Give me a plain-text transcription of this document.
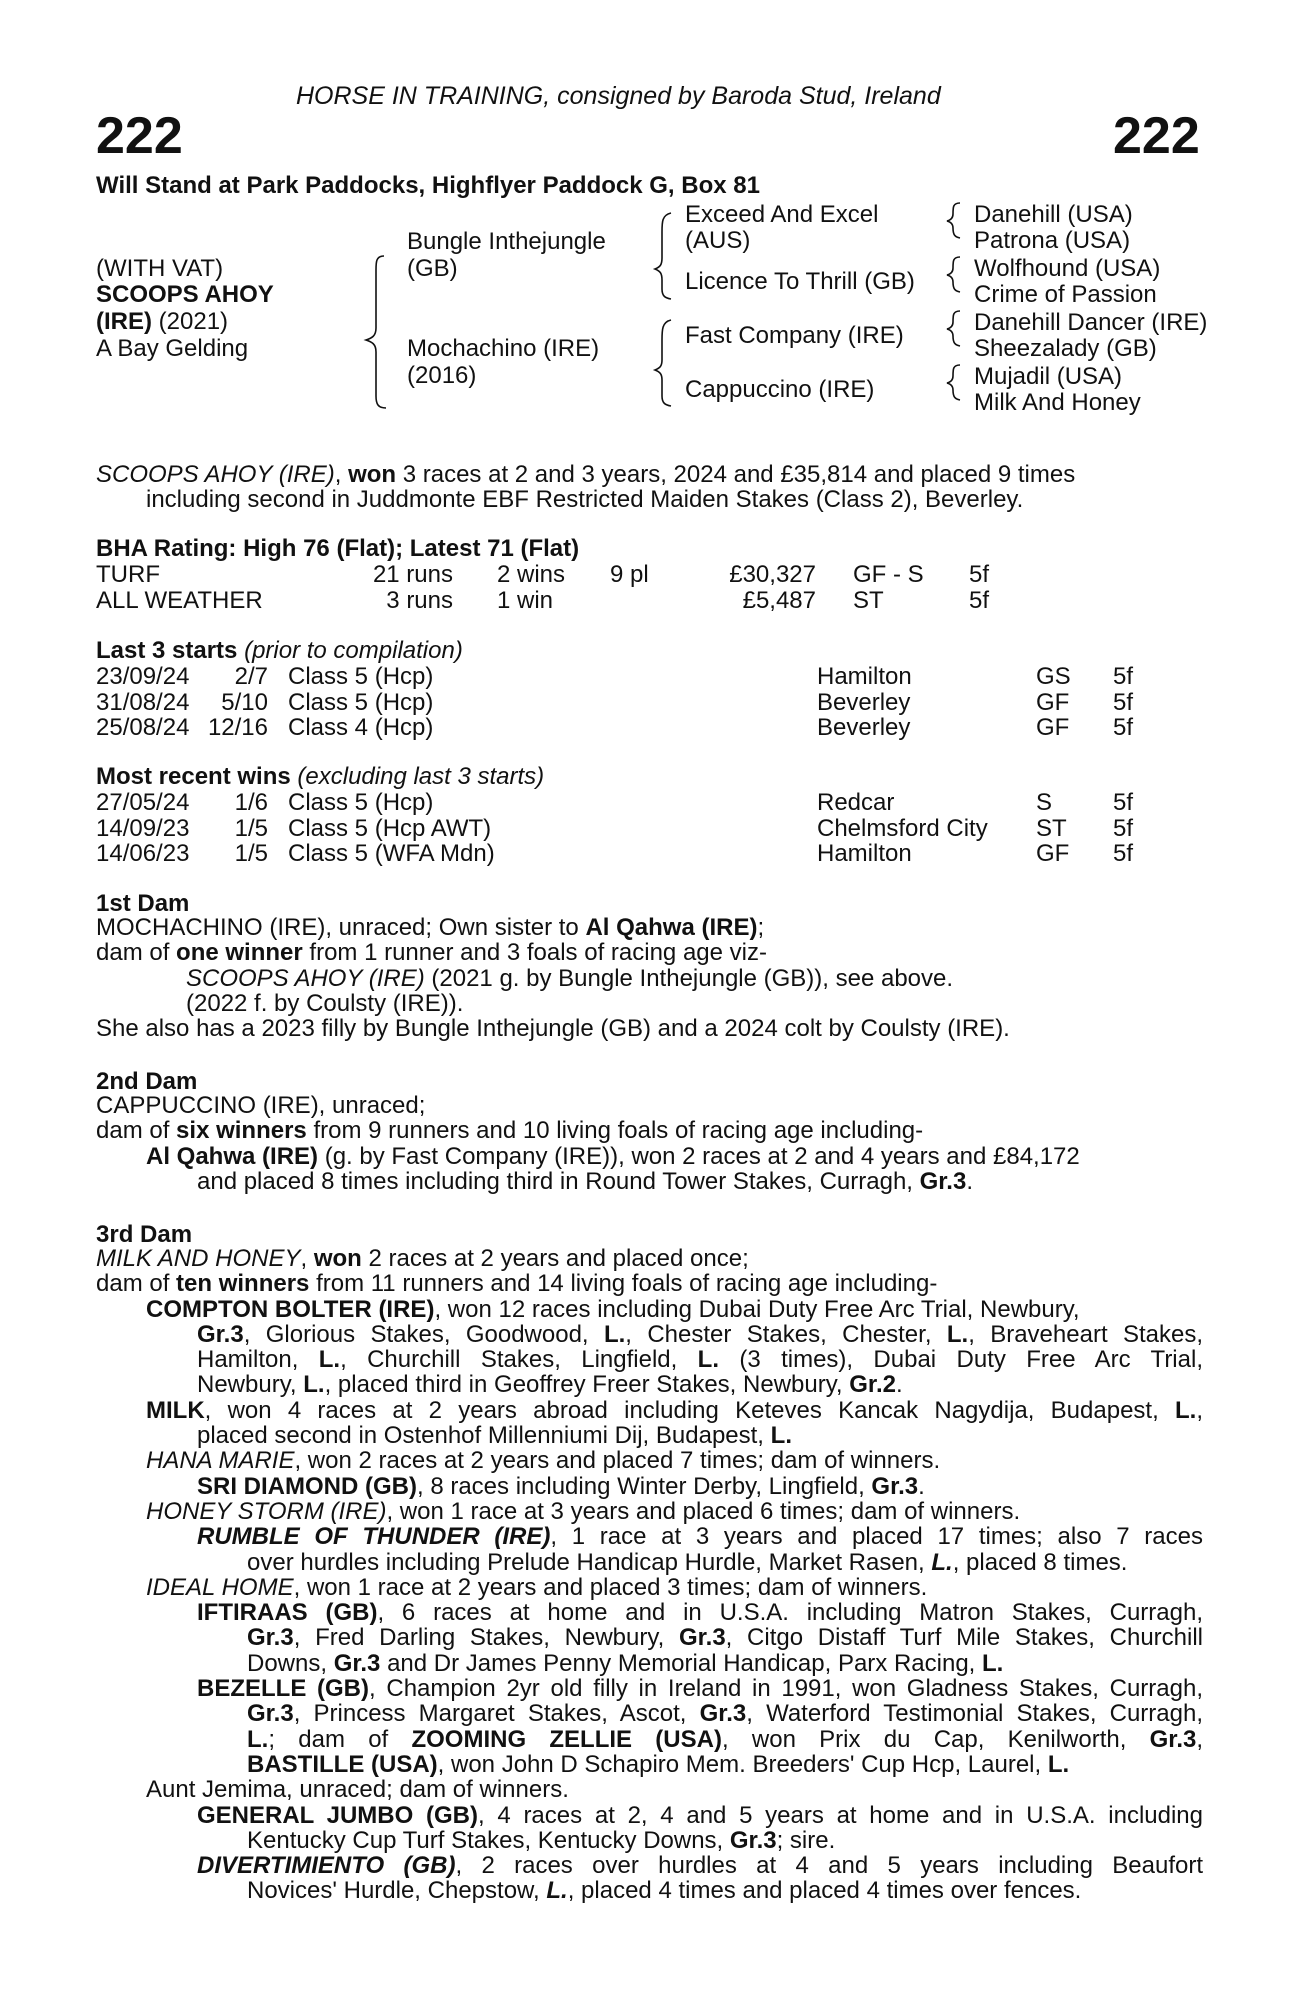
HORSE IN TRAINING, consigned by Baroda Stud, Ireland
222	222
Will Stand at Park Paddocks, Highflyer Paddock G, Box 81
(WITH VAT)
SCOOPS AHOY
(IRE) (2021)
A Bay Gelding
Bungle Inthejungle
(GB)
Mochachino (IRE)
(2016)
Exceed And Excel
(AUS)
Licence To Thrill (GB)
Fast Company (IRE)
Cappuccino (IRE)
Danehill (USA)
Patrona (USA)
Wolfhound (USA)
Crime of Passion
Danehill Dancer (IRE)
Sheezalady (GB)
Mujadil (USA)
Milk And Honey
SCOOPS AHOY (IRE), won 3 races at 2 and 3 years, 2024 and £35,814 and placed 9 times
including second in Juddmonte EBF Restricted Maiden Stakes (Class 2), Beverley.
BHA Rating: High 76 (Flat); Latest 71 (Flat)
TURF	21 runs 2 wins 9 pl	£30,327 GF - S 5f
ALL WEATHER	3 runs 1 win	£5,487 ST	5f
Last 3 starts (prior to compilation)
23/09/24 2/7 Class 5 (Hcp)	Hamilton	GS 5f
31/08/24 5/10 Class 5 (Hcp)	Beverley	GF 5f
25/08/24 12/16 Class 4 (Hcp)	Beverley	GF 5f
Most recent wins (excluding last 3 starts)
27/05/24 1/6 Class 5 (Hcp)	Redcar	S	5f
14/09/23 1/5 Class 5 (Hcp AWT)	Chelmsford City ST 5f
14/06/23 1/5 Class 5 (WFA Mdn)	Hamilton	GF 5f
1st Dam
MOCHACHINO (IRE), unraced; Own sister to Al Qahwa (IRE);
dam of one winner from 1 runner and 3 foals of racing age viz-
SCOOPS AHOY (IRE) (2021 g. by Bungle Inthejungle (GB)), see above.
(2022 f. by Coulsty (IRE)).
She also has a 2023 filly by Bungle Inthejungle (GB) and a 2024 colt by Coulsty (IRE).
2nd Dam
CAPPUCCINO (IRE), unraced;
dam of six winners from 9 runners and 10 living foals of racing age including-
Al Qahwa (IRE) (g. by Fast Company (IRE)), won 2 races at 2 and 4 years and £84,172
and placed 8 times including third in Round Tower Stakes, Curragh, Gr.3.
3rd Dam
MILK AND HONEY, won 2 races at 2 years and placed once;
dam of ten winners from 11 runners and 14 living foals of racing age including-
COMPTON BOLTER (IRE), won 12 races including Dubai Duty Free Arc Trial, Newbury,
Gr.3, Glorious Stakes, Goodwood, L., Chester Stakes, Chester, L., Braveheart Stakes,
Hamilton, L., Churchill Stakes, Lingfield, L. (3 times), Dubai Duty Free Arc Trial,
Newbury, L., placed third in Geoffrey Freer Stakes, Newbury, Gr.2.
MILK, won 4 races at 2 years abroad including Keteves Kancak Nagydija, Budapest, L.,
placed second in Ostenhof Millenniumi Dij, Budapest, L.
HANA MARIE, won 2 races at 2 years and placed 7 times; dam of winners.
SRI DIAMOND (GB), 8 races including Winter Derby, Lingfield, Gr.3.
HONEY STORM (IRE), won 1 race at 3 years and placed 6 times; dam of winners.
RUMBLE OF THUNDER (IRE), 1 race at 3 years and placed 17 times; also 7 races
over hurdles including Prelude Handicap Hurdle, Market Rasen, L., placed 8 times.
IDEAL HOME, won 1 race at 2 years and placed 3 times; dam of winners.
IFTIRAAS (GB), 6 races at home and in U.S.A. including Matron Stakes, Curragh,
Gr.3, Fred Darling Stakes, Newbury, Gr.3, Citgo Distaff Turf Mile Stakes, Churchill
Downs, Gr.3 and Dr James Penny Memorial Handicap, Parx Racing, L.
BEZELLE (GB), Champion 2yr old filly in Ireland in 1991, won Gladness Stakes, Curragh,
Gr.3, Princess Margaret Stakes, Ascot, Gr.3, Waterford Testimonial Stakes, Curragh,
L.; dam of ZOOMING ZELLIE (USA), won Prix du Cap, Kenilworth, Gr.3,
BASTILLE (USA), won John D Schapiro Mem. Breeders' Cup Hcp, Laurel, L.
Aunt Jemima, unraced; dam of winners.
GENERAL JUMBO (GB), 4 races at 2, 4 and 5 years at home and in U.S.A. including
Kentucky Cup Turf Stakes, Kentucky Downs, Gr.3; sire.
DIVERTIMIENTO (GB), 2 races over hurdles at 4 and 5 years including Beaufort
Novices' Hurdle, Chepstow, L., placed 4 times and placed 4 times over fences.
